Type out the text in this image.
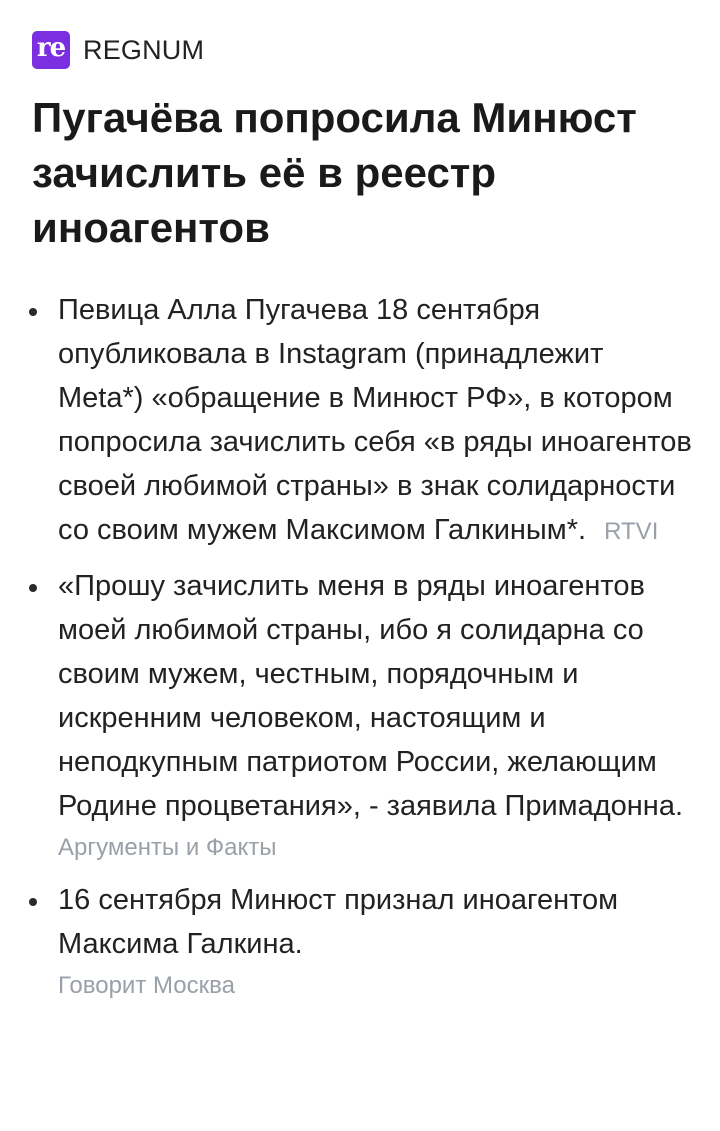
re REGNUM
Пугачёва попросила Минюст зачислить её в реестр иноагентов
Певица Алла Пугачева 18 сентября опубликовала в Instagram (принадлежит Meta*) «обращение в Минюст РФ», в котором попросила зачислить себя «в ряды иноагентов своей любимой страны» в знак солидарности со своим мужем Максимом Галкиным*. RTVI
«Прошу зачислить меня в ряды иноагентов моей любимой страны, ибо я солидарна со своим мужем, честным, порядочным и искренним человеком, настоящим и неподкупным патриотом России, желающим Родине процветания», - заявила Примадонна.
Аргументы и Факты
16 сентября Минюст признал иноагентом Максима Галкина.
Говорит Москва
